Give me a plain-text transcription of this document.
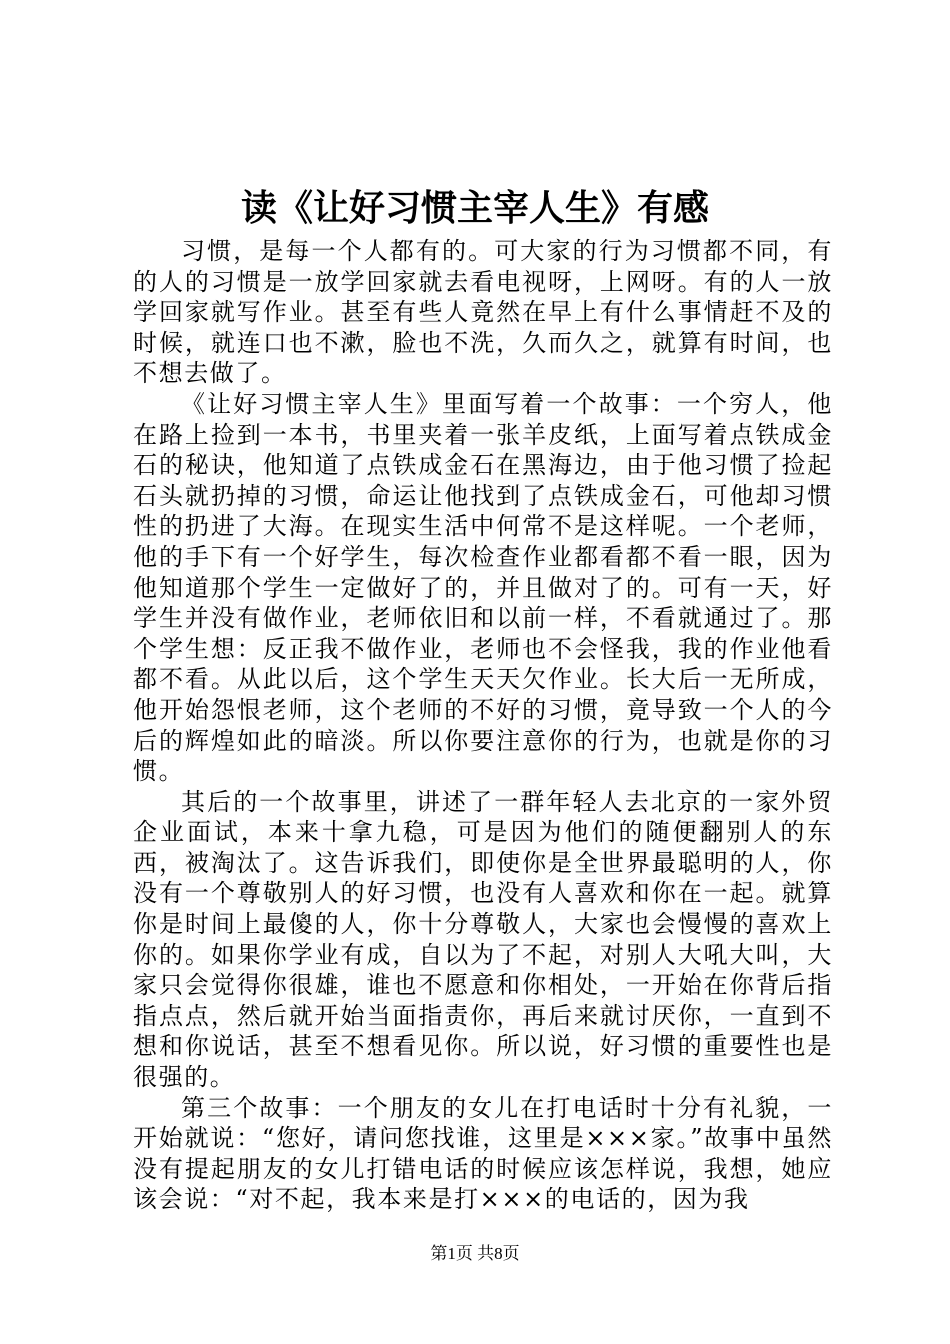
读《让好习惯主宰人生》有感

习惯，是每一个人都有的。可大家的行为习惯都不同，有的人的习惯是一放学回家就去看电视呀，上网呀。有的人一放学回家就写作业。甚至有些人竟然在早上有什么事情赶不及的时候，就连口也不漱，脸也不洗，久而久之，就算有时间，也不想去做了。

《让好习惯主宰人生》里面写着一个故事：一个穷人，他在路上捡到一本书，书里夹着一张羊皮纸，上面写着点铁成金石的秘诀，他知道了点铁成金石在黑海边，由于他习惯了捡起石头就扔掉的习惯，命运让他找到了点铁成金石，可他却习惯性的扔进了大海。在现实生活中何常不是这样呢。一个老师，他的手下有一个好学生，每次检查作业都看都不看一眼，因为他知道那个学生一定做好了的，并且做对了的。可有一天，好学生并没有做作业，老师依旧和以前一样，不看就通过了。那个学生想：反正我不做作业，老师也不会怪我，我的作业他看都不看。从此以后，这个学生天天欠作业。长大后一无所成，他开始怨恨老师，这个老师的不好的习惯，竟导致一个人的今后的辉煌如此的暗淡。所以你要注意你的行为，也就是你的习惯。

其后的一个故事里，讲述了一群年轻人去北京的一家外贸企业面试，本来十拿九稳，可是因为他们的随便翻别人的东西，被淘汰了。这告诉我们，即使你是全世界最聪明的人，你没有一个尊敬别人的好习惯，也没有人喜欢和你在一起。就算你是时间上最傻的人，你十分尊敬人，大家也会慢慢的喜欢上你的。如果你学业有成，自以为了不起，对别人大吼大叫，大家只会觉得你很雄，谁也不愿意和你相处，一开始在你背后指指点点，然后就开始当面指责你，再后来就讨厌你，一直到不想和你说话，甚至不想看见你。所以说，好习惯的重要性也是很强的。

第三个故事：一个朋友的女儿在打电话时十分有礼貌，一开始就说：“您好，请问您找谁，这里是×××家。”故事中虽然没有提起朋友的女儿打错电话的时候应该怎样说，我想，她应该会说：“对不起，我本来是打×××的电话的，因为我

第1页 共8页
